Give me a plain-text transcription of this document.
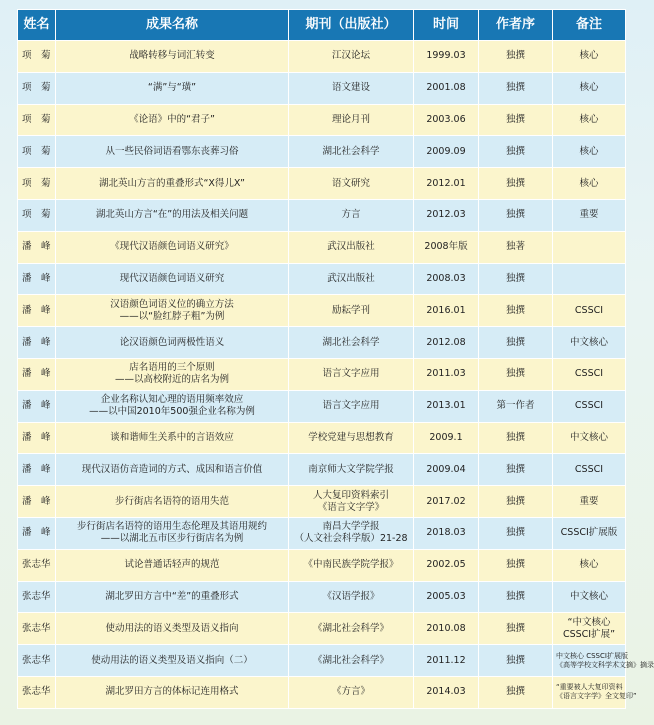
姓名	成果名称	期刊（出版社）	时间	作者序	备注
项　菊	战略转移与词汇转变	江汉论坛	1999.03	独撰	核心

项　菊	“满”与“璜”	语文建设	2001.08	独撰	核心

项　菊	《论语》中的“君子”	理论月刊	2003.06	独撰	核心

项　菊	从一些民俗词语看鄂东丧葬习俗	湖北社会科学	2009.09	独撰	核心

项　菊	湖北英山方言的重叠形式“X得儿X”	语文研究	2012.01	独撰	核心

项　菊	湖北英山方言“在”的用法及相关问题	方言	2012.03	独撰	重要

潘　峰	《现代汉语颜色词语义研究》	武汉出版社	2008年版	独著	
潘　峰	现代汉语颜色词语义研究	武汉出版社	2008.03	独撰	
潘　峰	汉语颜色词语义位的确立方法
——以“脸红脖子粗”为例	励耘学刊	2016.01	独撰	CSSCI

潘　峰	论汉语颜色词两极性语义	湖北社会科学	2012.08	独撰	中文核心

潘　峰	店名语用的三个原则
——以高校附近的店名为例	语言文字应用	2011.03	独撰	CSSCI

潘　峰	企业名称认知心理的语用频率效应
——以中国2010年500强企业名称为例	语言文字应用	2013.01	第一作者	CSSCI

潘　峰	谈和谐师生关系中的言语效应	学校党建与思想教育	2009.1	独撰	中文核心

潘　峰	现代汉语仿音造词的方式、成因和语言价值	南京师大文学院学报	2009.04	独撰	CSSCI

潘　峰	步行街店名语符的语用失范	人大复印资料索引
《语言文字学》	2017.02	独撰	重要

潘　峰	步行街店名语符的语用生态伦理及其语用规约
——以湖北五市区步行街店名为例	南昌大学学报
（人文社会科学版）21-28	2018.03	独撰	CSSCI扩展版

张志华	试论普通话轻声的规范	《中南民族学院学报》	2002.05	独撰	核心

张志华	湖北罗田方言中“差”的重叠形式	《汉语学报》	2005.03	独撰	中文核心

张志华	使动用法的语义类型及语义指向	《湖北社会科学》	2010.08	独撰	“中文核心
CSSCI扩展”

张志华	使动用法的语义类型及语义指向（二）	《湖北社会科学》	2011.12	独撰	中文核心 CSSCI扩展版
《高等学校文科学术文摘》摘录

张志华	湖北罗田方言的体标记连用格式	《方言》	2014.03	独撰	“重要被人大复印资料
《语言文字学》全文复印”
